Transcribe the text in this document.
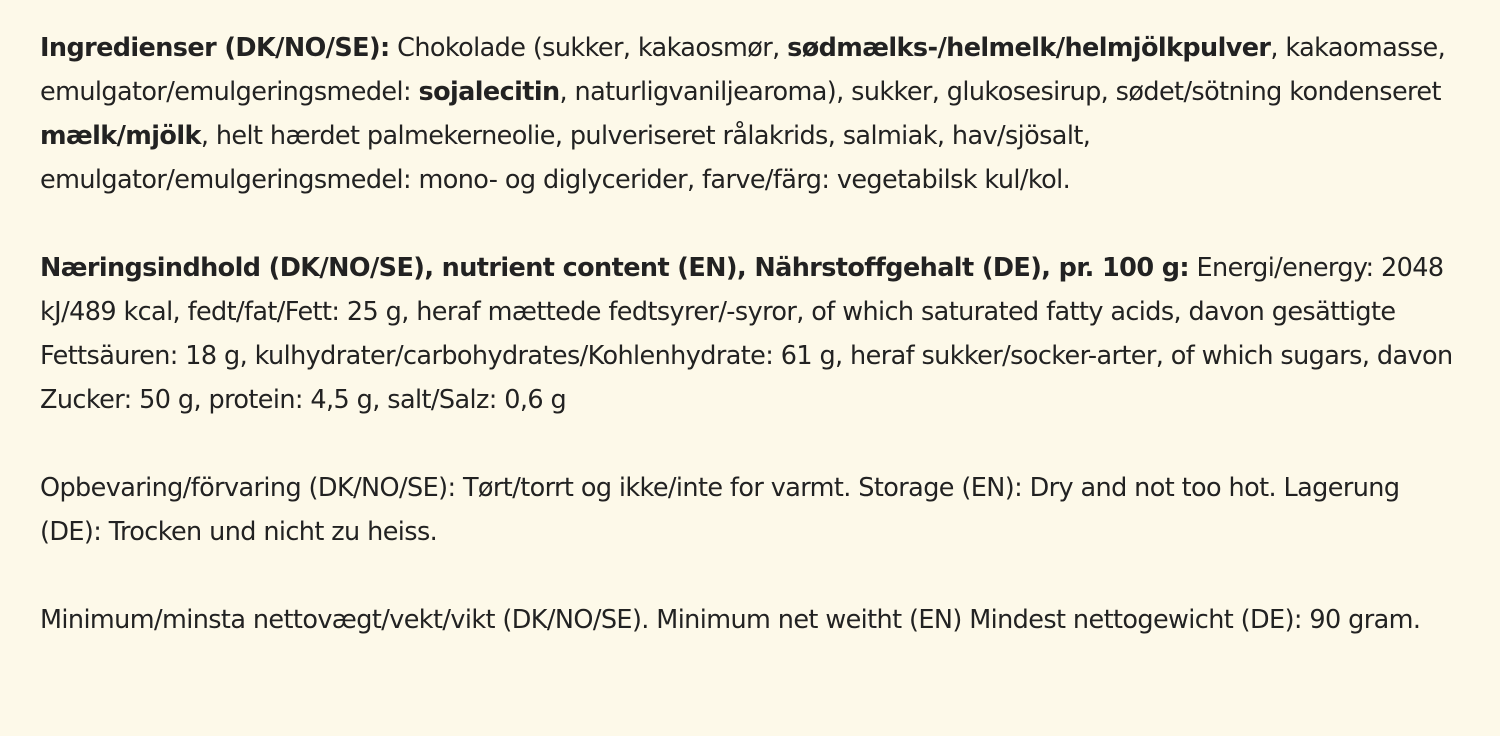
Ingredienser (DK/NO/SE): Chokolade (sukker, kakaosmør, sødmælks-/helmelk/helmjölkpulver, kakaomasse, emulgator/emulgeringsmedel: sojalecitin, naturligvaniljearoma), sukker, glukosesirup, sødet/sötning kondenseret mælk/mjölk, helt hærdet palmekerneolie, pulveriseret rålakrids, salmiak, hav/sjösalt, emulgator/emulgeringsmedel: mono- og diglycerider, farve/färg: vegetabilsk kul/kol.

Næringsindhold (DK/NO/SE), nutrient content (EN), Nährstoffgehalt (DE), pr. 100 g: Energi/energy: 2048 kJ/489 kcal, fedt/fat/Fett: 25 g, heraf mættede fedtsyrer/-syror, of which saturated fatty acids, davon gesättigte Fettsäuren: 18 g, kulhydrater/carbohydrates/Kohlenhydrate: 61 g, heraf sukker/socker-arter, of which sugars, davon Zucker: 50 g, protein: 4,5 g, salt/Salz: 0,6 g

Opbevaring/förvaring (DK/NO/SE): Tørt/torrt og ikke/inte for varmt. Storage (EN): Dry and not too hot. Lagerung (DE): Trocken und nicht zu heiss.

Minimum/minsta nettovægt/vekt/vikt (DK/NO/SE). Minimum net weitht (EN) Mindest nettogewicht (DE): 90 gram.
